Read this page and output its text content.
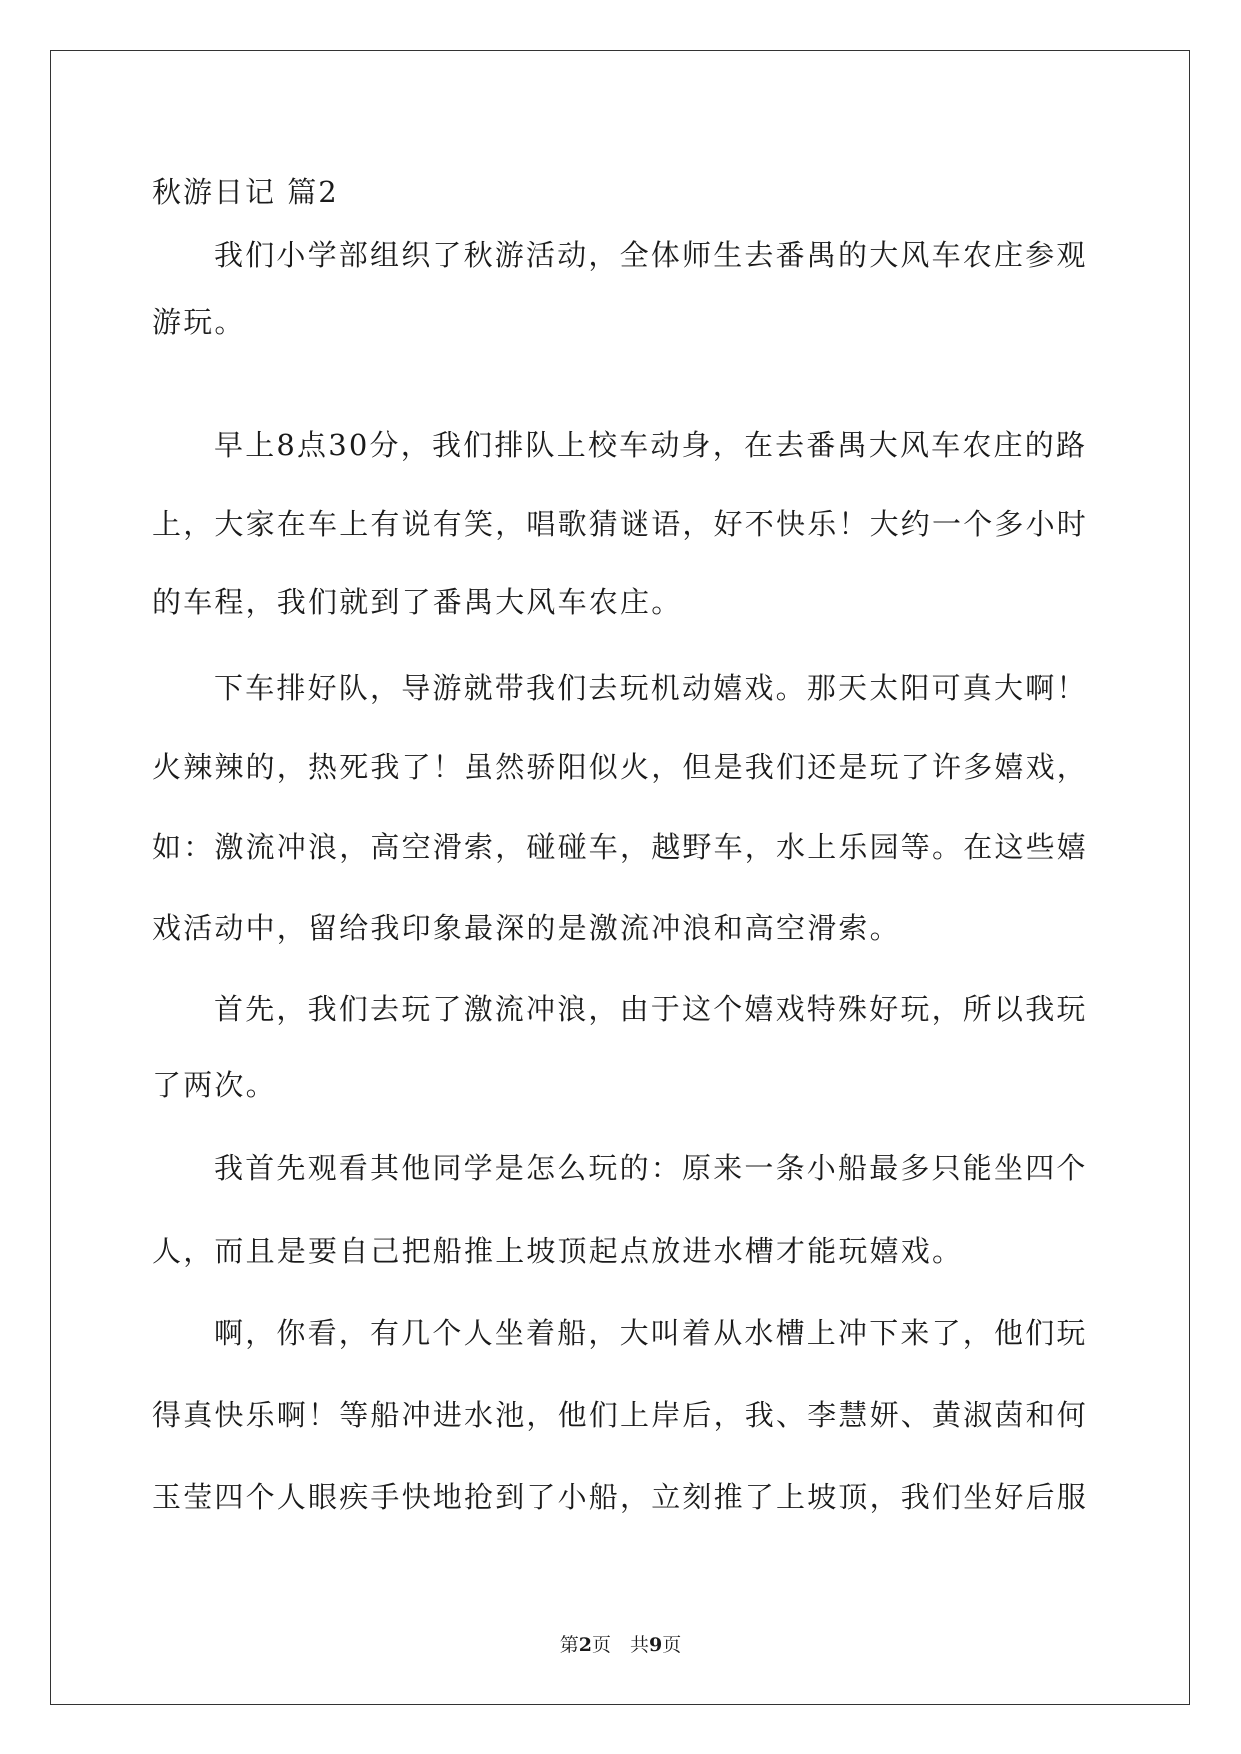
秋游日记 篇2
我们小学部组织了秋游活动，全体师生去番禺的大风车农庄参观
游玩。
早上8点30分，我们排队上校车动身，在去番禺大风车农庄的路
上，大家在车上有说有笑，唱歌猜谜语，好不快乐！大约一个多小时
的车程，我们就到了番禺大风车农庄。
下车排好队，导游就带我们去玩机动嬉戏。那天太阳可真大啊！
火辣辣的，热死我了！虽然骄阳似火，但是我们还是玩了许多嬉戏，
如：激流冲浪，高空滑索，碰碰车，越野车，水上乐园等。在这些嬉
戏活动中，留给我印象最深的是激流冲浪和高空滑索。
首先，我们去玩了激流冲浪，由于这个嬉戏特殊好玩，所以我玩
了两次。
我首先观看其他同学是怎么玩的：原来一条小船最多只能坐四个
人，而且是要自己把船推上坡顶起点放进水槽才能玩嬉戏。
啊，你看，有几个人坐着船，大叫着从水槽上冲下来了，他们玩
得真快乐啊！等船冲进水池，他们上岸后，我、李慧妍、黄淑茵和何
玉莹四个人眼疾手快地抢到了小船，立刻推了上坡顶，我们坐好后服
第2页　共9页
